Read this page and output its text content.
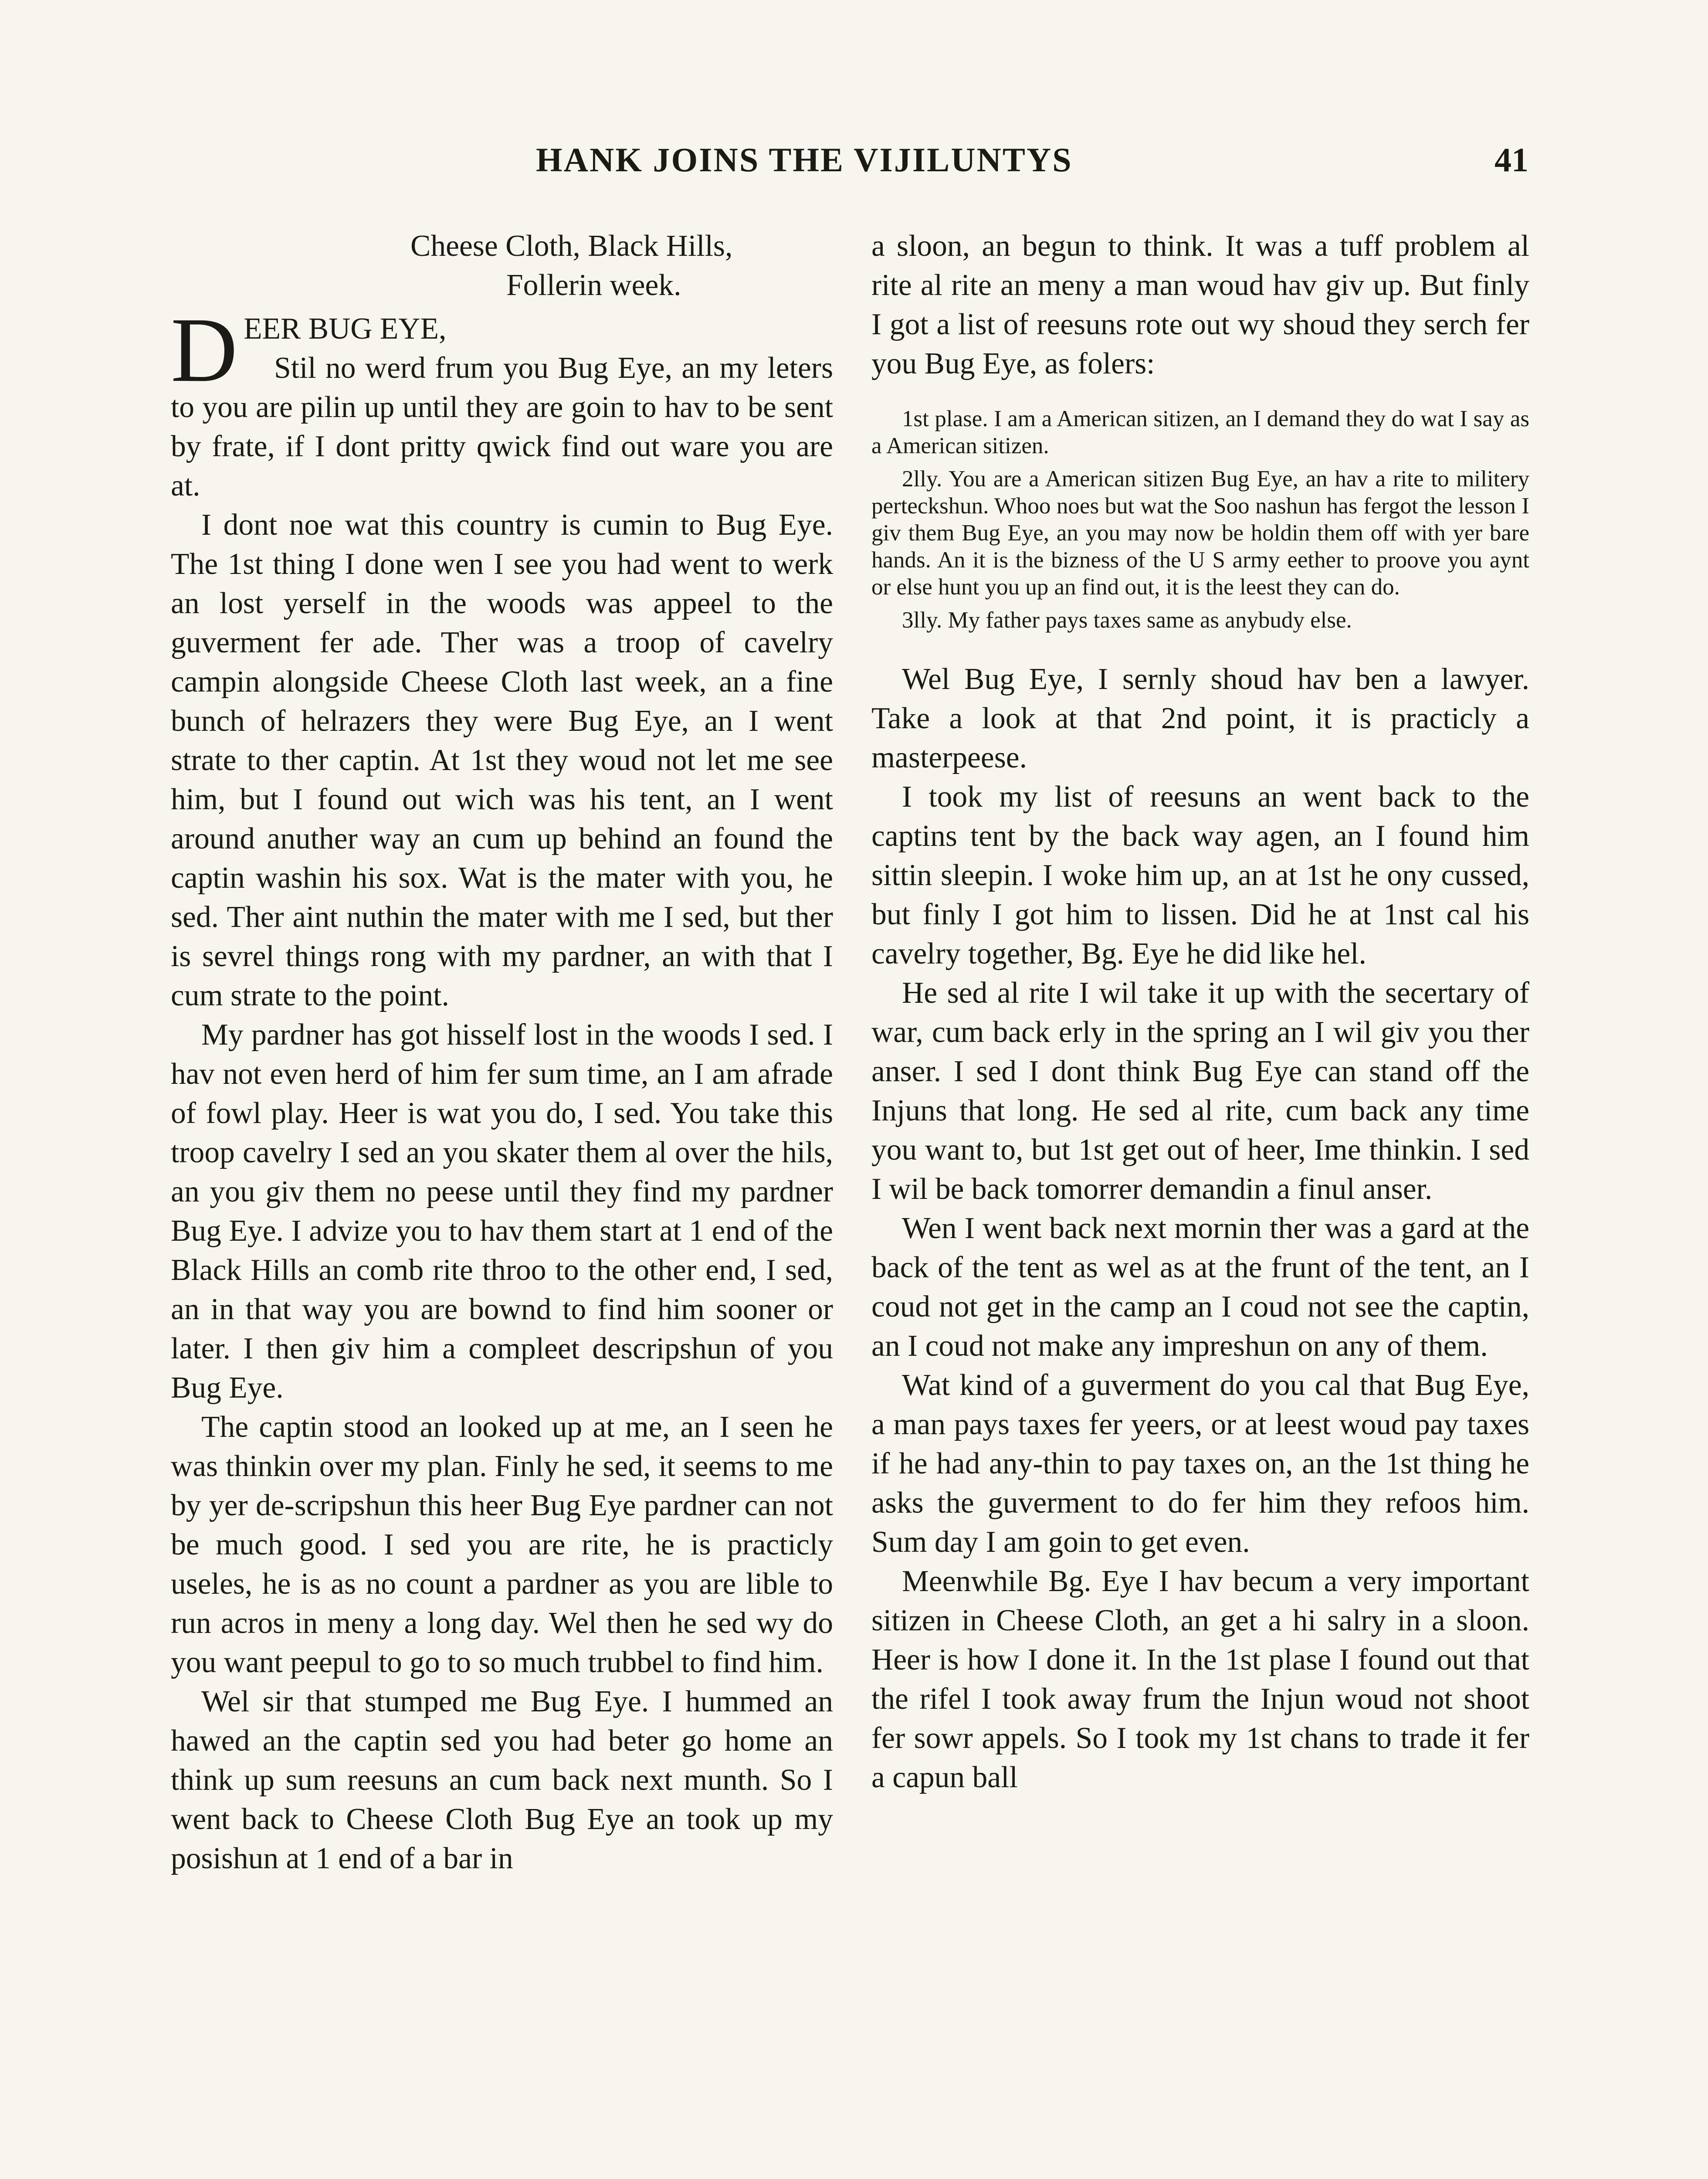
HANK JOINS THE VIJILUNTYS	41

Cheese Cloth, Black Hills,
Follerin week.

DEER BUG EYE,
Stil no werd frum you Bug Eye, an my leters to you are pilin up until they are goin to hav to be sent by frate, if I dont pritty qwick find out ware you are at.

I dont noe wat this country is cumin to Bug Eye. The 1st thing I done wen I see you had went to werk an lost yerself in the woods was appeel to the guverment fer ade. Ther was a troop of cavelry campin alongside Cheese Cloth last week, an a fine bunch of helrazers they were Bug Eye, an I went strate to ther captin. At 1st they woud not let me see him, but I found out wich was his tent, an I went around anuther way an cum up behind an found the captin washin his sox. Wat is the mater with you, he sed. Ther aint nuthin the mater with me I sed, but ther is sevrel things rong with my pardner, an with that I cum strate to the point.

My pardner has got hisself lost in the woods I sed. I hav not even herd of him fer sum time, an I am afrade of fowl play. Heer is wat you do, I sed. You take this troop cavelry I sed an you skater them al over the hils, an you giv them no peese until they find my pardner Bug Eye. I advize you to hav them start at 1 end of the Black Hills an comb rite throo to the other end, I sed, an in that way you are bownd to find him sooner or later. I then giv him a compleet descripshun of you Bug Eye.

The captin stood an looked up at me, an I seen he was thinkin over my plan. Finly he sed, it seems to me by yer de-scripshun this heer Bug Eye pardner can not be much good. I sed you are rite, he is practicly useles, he is as no count a pardner as you are lible to run acros in meny a long day. Wel then he sed wy do you want peepul to go to so much trubbel to find him.

Wel sir that stumped me Bug Eye. I hummed an hawed an the captin sed you had beter go home an think up sum reesuns an cum back next munth. So I went back to Cheese Cloth Bug Eye an took up my posishun at 1 end of a bar in

a sloon, an begun to think. It was a tuff problem al rite al rite an meny a man woud hav giv up. But finly I got a list of reesuns rote out wy shoud they serch fer you Bug Eye, as folers:

1st plase. I am a American sitizen, an I demand they do wat I say as a American sitizen.

2lly. You are a American sitizen Bug Eye, an hav a rite to militery perteckshun. Whoo noes but wat the Soo nashun has fergot the lesson I giv them Bug Eye, an you may now be holdin them off with yer bare hands. An it is the bizness of the U S army eether to proove you aynt or else hunt you up an find out, it is the leest they can do.

3lly. My father pays taxes same as anybudy else.

Wel Bug Eye, I sernly shoud hav ben a lawyer. Take a look at that 2nd point, it is practicly a masterpeese.

I took my list of reesuns an went back to the captins tent by the back way agen, an I found him sittin sleepin. I woke him up, an at 1st he ony cussed, but finly I got him to lissen. Did he at 1nst cal his cavelry together, Bg. Eye he did like hel.

He sed al rite I wil take it up with the secertary of war, cum back erly in the spring an I wil giv you ther anser. I sed I dont think Bug Eye can stand off the Injuns that long. He sed al rite, cum back any time you want to, but 1st get out of heer, Ime thinkin. I sed I wil be back tomorrer demandin a finul anser.

Wen I went back next mornin ther was a gard at the back of the tent as wel as at the frunt of the tent, an I coud not get in the camp an I coud not see the captin, an I coud not make any impreshun on any of them.

Wat kind of a guverment do you cal that Bug Eye, a man pays taxes fer yeers, or at leest woud pay taxes if he had any-thin to pay taxes on, an the 1st thing he asks the guverment to do fer him they refoos him. Sum day I am goin to get even.

Meenwhile Bg. Eye I hav becum a very important sitizen in Cheese Cloth, an get a hi salry in a sloon. Heer is how I done it. In the 1st plase I found out that the rifel I took away frum the Injun woud not shoot fer sowr appels. So I took my 1st chans to trade it fer a capun ball
